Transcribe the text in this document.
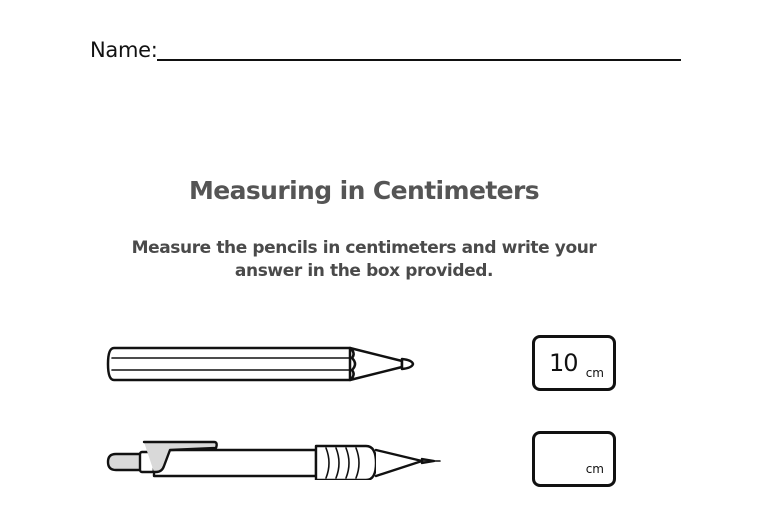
Name:
Measuring in Centimeters
Measure the pencils in centimeters and write your
answer in the box provided.
10 cm
cm
